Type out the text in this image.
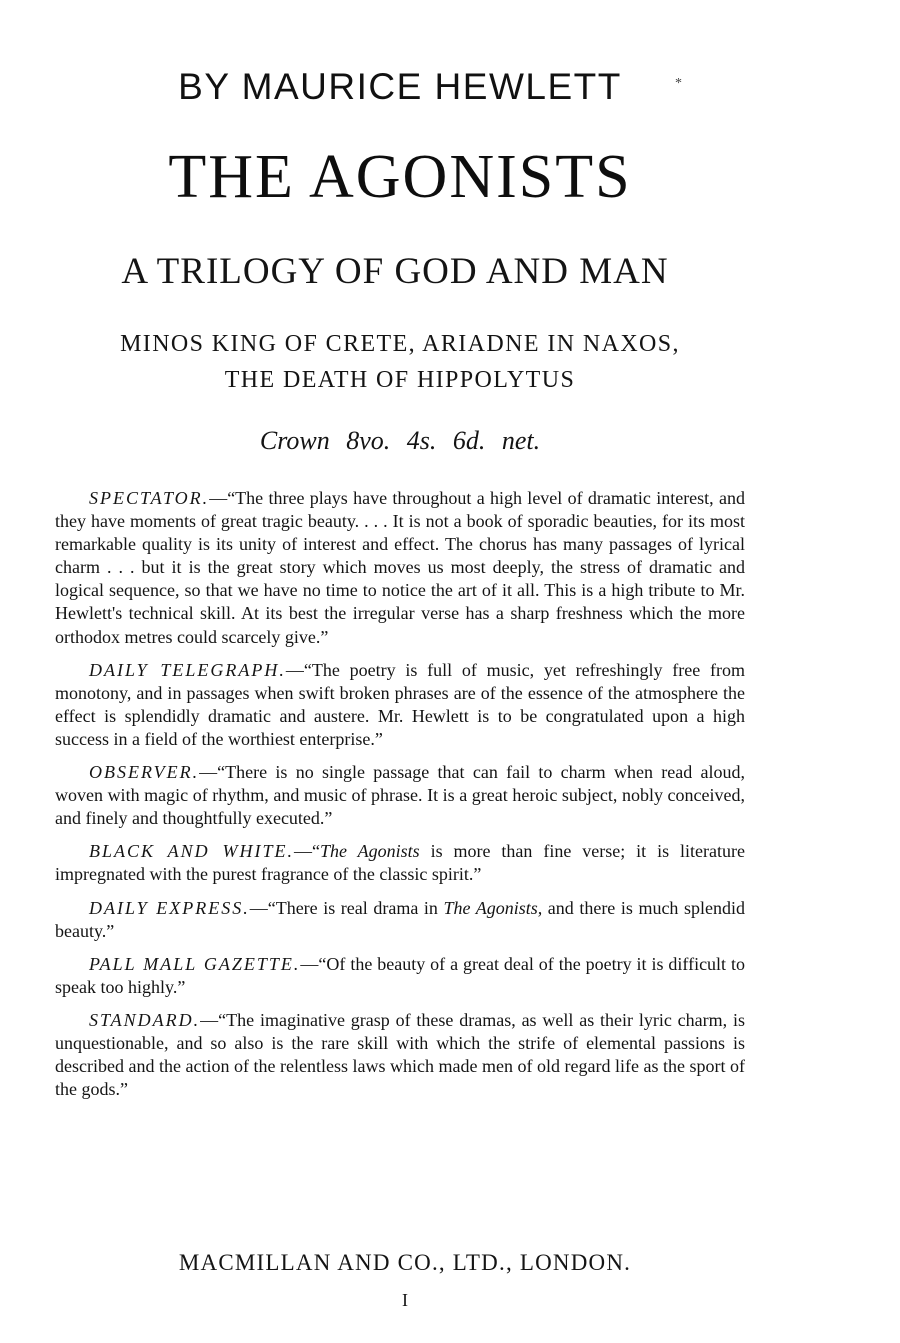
BY MAURICE HEWLETT	*
THE AGONISTS
A TRILOGY OF GOD AND MAN
MINOS KING OF CRETE, ARIADNE IN NAXOS,
THE DEATH OF HIPPOLYTUS
Crown 8vo. 4s. 6d. net.

SPECTATOR.—“The three plays have throughout a high level of dramatic interest, and they have moments of great tragic beauty. . . . It is not a book of sporadic beauties, for its most remarkable quality is its unity of interest and effect. The chorus has many passages of lyrical charm . . . but it is the great story which moves us most deeply, the stress of dramatic and logical sequence, so that we have no time to notice the art of it all. This is a high tribute to Mr. Hewlett's technical skill. At its best the irregular verse has a sharp freshness which the more orthodox metres could scarcely give.”

DAILY TELEGRAPH.—“The poetry is full of music, yet refreshingly free from monotony, and in passages when swift broken phrases are of the essence of the atmosphere the effect is splendidly dramatic and austere. Mr. Hewlett is to be congratulated upon a high success in a field of the worthiest enterprise.”

OBSERVER.—“There is no single passage that can fail to charm when read aloud, woven with magic of rhythm, and music of phrase. It is a great heroic subject, nobly conceived, and finely and thoughtfully executed.”

BLACK AND WHITE.—“The Agonists is more than fine verse; it is literature impregnated with the purest fragrance of the classic spirit.”

DAILY EXPRESS.—“There is real drama in The Agonists, and there is much splendid beauty.”

PALL MALL GAZETTE.—“Of the beauty of a great deal of the poetry it is difficult to speak too highly.”

STANDARD.—“The imaginative grasp of these dramas, as well as their lyric charm, is unquestionable, and so also is the rare skill with which the strife of elemental passions is described and the action of the relentless laws which made men of old regard life as the sport of the gods.”

MACMILLAN AND CO., LTD., LONDON.
I
